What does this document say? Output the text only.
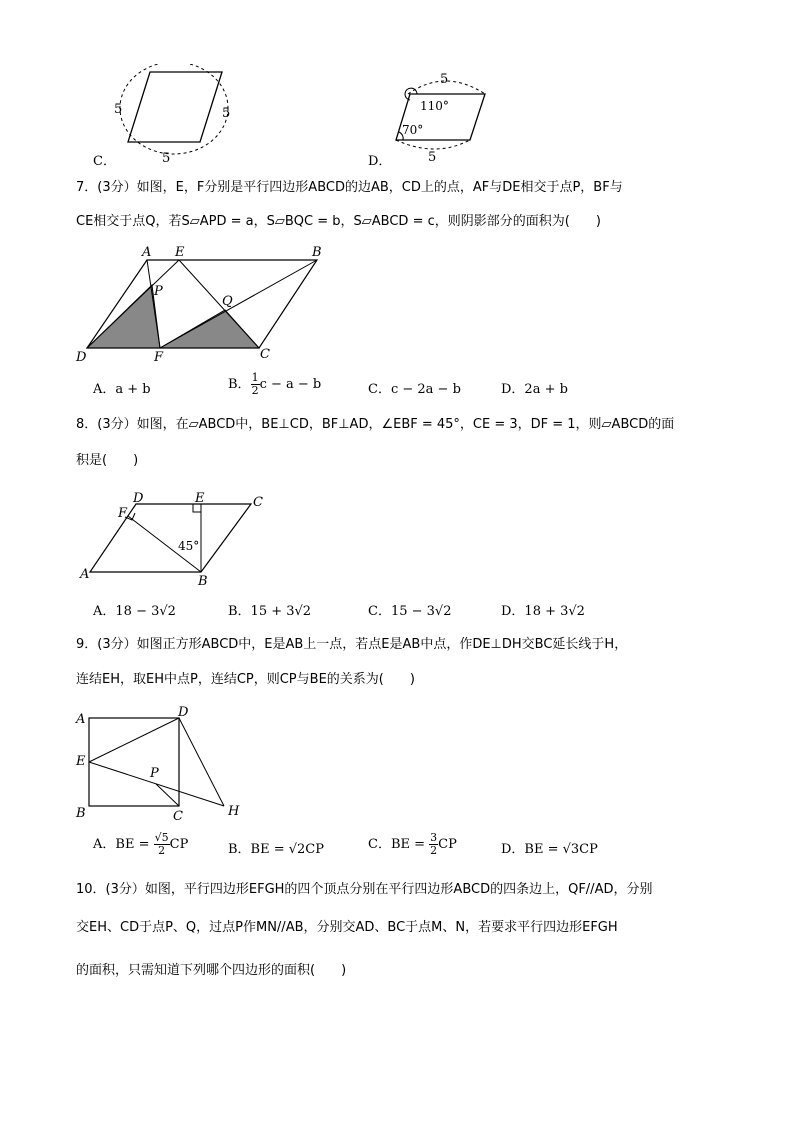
5	5
5
C．
5
110°
70°
5
D．
7．(3分）如图，E，F分别是平行四边形ABCD的边AB，CD上的点，AF与DE相交于点P，BF与
CE相交于点Q，若S▱APD = a，S▱BQC = b，S▱ABCD = c，则阴影部分的面积为(　　)
A E	B
P
Q
D	F	C
A．a + b	B． $\frac{1}{2}$ c − a − b	C．c − 2a − b	D．2a + b
8．(3分）如图，在▱ABCD中，BE⊥CD，BF⊥AD，∠EBF = 45°，CE = 3，DF = 1，则▱ABCD的面
积是(　　)
D	E	C
F
45°
A	B
A．18 − 3√2	B．15 + 3√2	C．15 − 3√2	D．18 + 3√2
9．(3分）如图正方形ABCD中，E是AB上一点，若点E是AB中点，作DE⊥DH交BC延长线于H，
连结EH，取EH中点P，连结CP，则CP与BE的关系为(　　)
A	D
E
P
B	C	H
A．BE = $\frac{√5}{2}$ CP	B．BE = √2CP	C．BE = $\frac{3}{2}$ CP	D．BE = √3CP
10．(3分）如图，平行四边形EFGH的四个顶点分别在平行四边形ABCD的四条边上，QF//AD，分别
交EH、CD于点P、Q，过点P作MN//AB，分别交AD、BC于点M、N，若要求平行四边形EFGH
的面积，只需知道下列哪个四边形的面积(　　)
